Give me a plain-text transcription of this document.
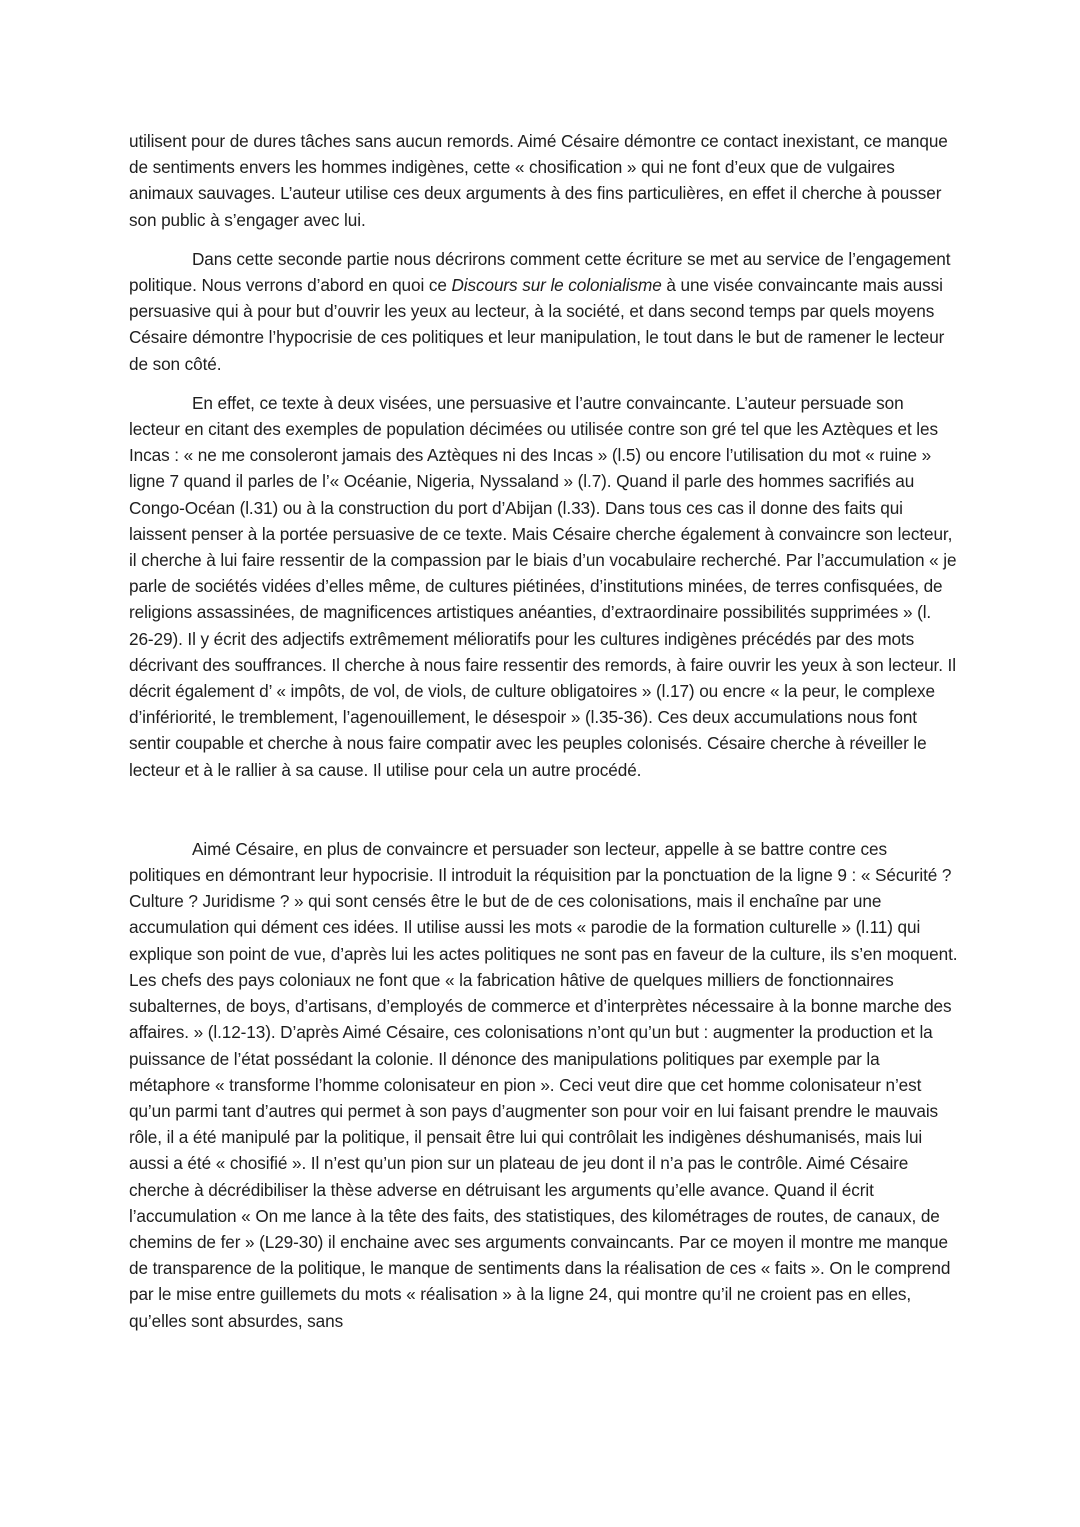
utilisent pour de dures tâches sans aucun remords. Aimé Césaire démontre ce contact inexistant, ce manque de sentiments envers les hommes indigènes, cette « chosification » qui ne font d’eux que de vulgaires animaux sauvages. L’auteur utilise ces deux arguments à des fins particulières, en effet il cherche à pousser son public à s’engager avec lui.

Dans cette seconde partie nous décrirons comment cette écriture se met au service de l’engagement politique. Nous verrons d’abord en quoi ce Discours sur le colonialisme à une visée convaincante mais aussi persuasive qui à pour but d’ouvrir les yeux au lecteur, à la société, et dans second temps par quels moyens Césaire démontre l’hypocrisie de ces politiques et leur manipulation, le tout dans le but de ramener le lecteur de son côté.

En effet, ce texte à deux visées, une persuasive et l’autre convaincante. L’auteur persuade son lecteur en citant des exemples de population décimées ou utilisée contre son gré tel que les Aztèques et les Incas : « ne me consoleront jamais des Aztèques ni des Incas » (l.5) ou encore l’utilisation du mot « ruine » ligne 7 quand il parles de l’« Océanie, Nigeria, Nyssaland » (l.7). Quand il parle des hommes sacrifiés au Congo-Océan (l.31) ou à la construction du port d’Abijan (l.33). Dans tous ces cas il donne des faits qui laissent penser à la portée persuasive de ce texte. Mais Césaire cherche également à convaincre son lecteur, il cherche à lui faire ressentir de la compassion par le biais d’un vocabulaire recherché. Par l’accumulation « je parle de sociétés vidées d’elles même, de cultures piétinées, d’institutions minées, de terres confisquées, de religions assassinées, de magnificences artistiques anéanties, d’extraordinaire possibilités supprimées » (l. 26-29). Il y écrit des adjectifs extrêmement mélioratifs pour les cultures indigènes précédés par des mots décrivant des souffrances. Il cherche à nous faire ressentir des remords, à faire ouvrir les yeux à son lecteur. Il décrit également d’ « impôts, de vol, de viols, de culture obligatoires » (l.17) ou encre « la peur, le complexe d’infériorité, le tremblement, l’agenouillement, le désespoir » (l.35-36). Ces deux accumulations nous font sentir coupable et cherche à nous faire compatir avec les peuples colonisés. Césaire cherche à réveiller le lecteur et à le rallier à sa cause. Il utilise pour cela un autre procédé.

Aimé Césaire, en plus de convaincre et persuader son lecteur, appelle à se battre contre ces politiques en démontrant leur hypocrisie. Il introduit la réquisition par la ponctuation de la ligne 9 : « Sécurité ? Culture ? Juridisme ? » qui sont censés être le but de de ces colonisations, mais il enchaîne par une accumulation qui dément ces idées. Il utilise aussi les mots « parodie de la formation culturelle » (l.11) qui explique son point de vue, d’après lui les actes politiques ne sont pas en faveur de la culture, ils s’en moquent. Les chefs des pays coloniaux ne font que « la fabrication hâtive de quelques milliers de fonctionnaires subalternes, de boys, d’artisans, d’employés de commerce et d’interprètes nécessaire à la bonne marche des affaires. » (l.12-13). D’après Aimé Césaire, ces colonisations n’ont qu’un but : augmenter la production et la puissance de l’état possédant la colonie. Il dénonce des manipulations politiques par exemple par la métaphore « transforme l’homme colonisateur en pion ». Ceci veut dire que cet homme colonisateur n’est qu’un parmi tant d’autres qui permet à son pays d’augmenter son pour voir en lui faisant prendre le mauvais rôle, il a été manipulé par la politique, il pensait être lui qui contrôlait les indigènes déshumanisés, mais lui aussi a été « chosifié ». Il n’est qu’un pion sur un plateau de jeu dont il n’a pas le contrôle. Aimé Césaire cherche à décrédibiliser la thèse adverse en détruisant les arguments qu’elle avance. Quand il écrit l’accumulation « On me lance à la tête des faits, des statistiques, des kilométrages de routes, de canaux, de chemins de fer » (L29-30) il enchaine avec ses arguments convaincants. Par ce moyen il montre me manque de transparence de la politique, le manque de sentiments dans la réalisation de ces « faits ». On le comprend par le mise entre guillemets du mots « réalisation » à la ligne 24, qui montre qu’il ne croient pas en elles, qu’elles sont absurdes, sans
